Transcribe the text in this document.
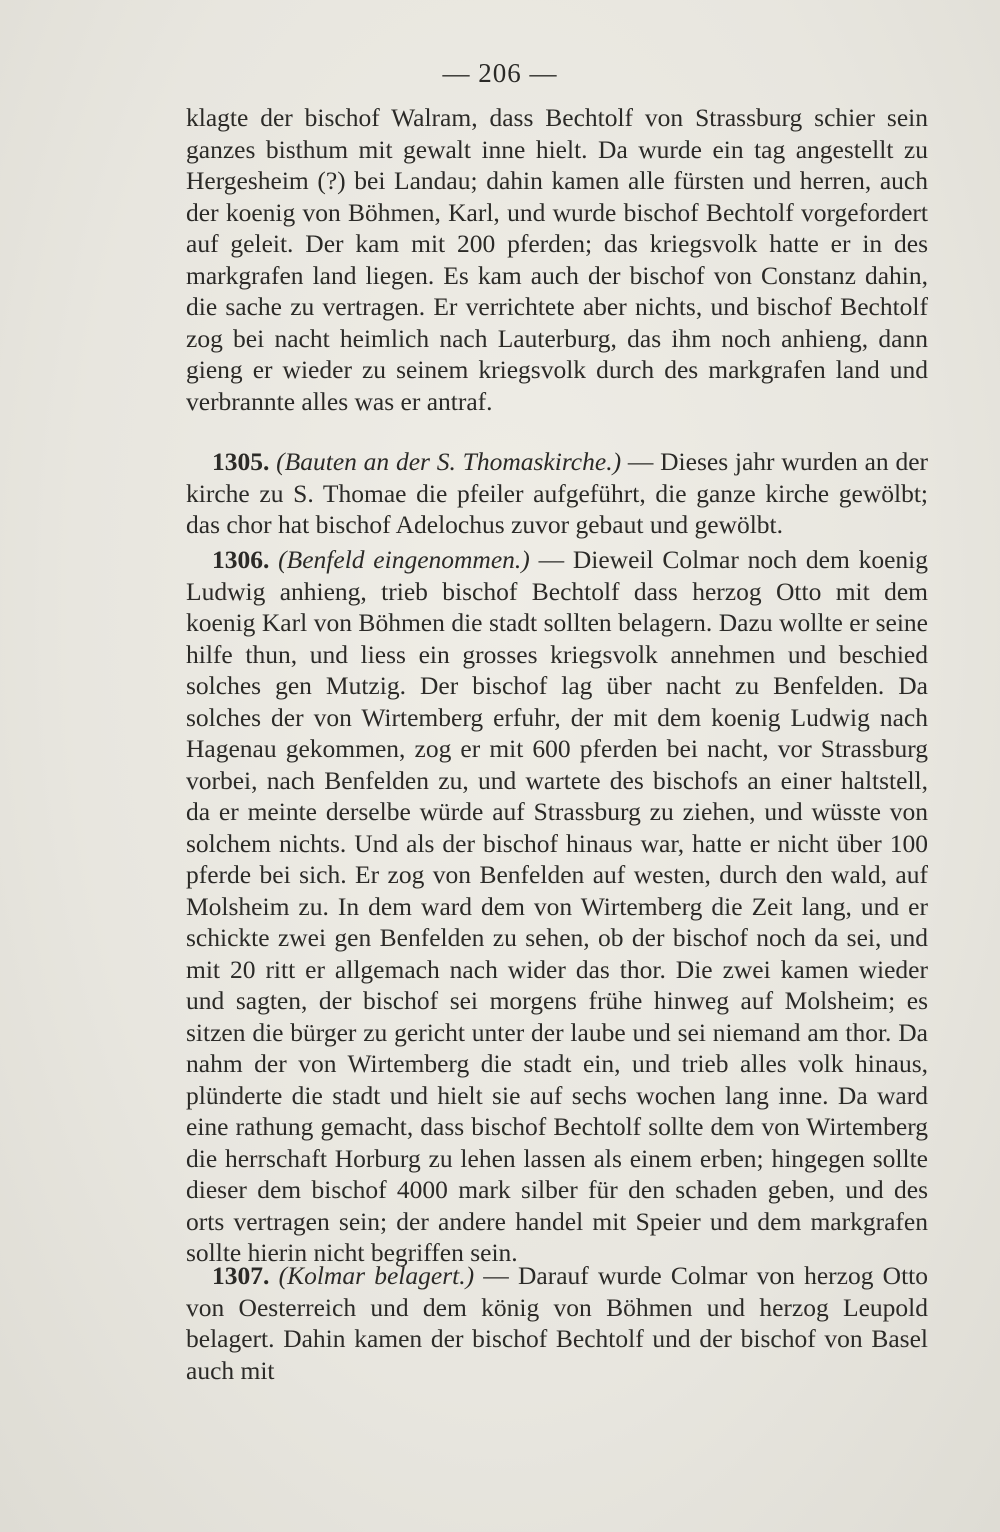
— 206 —

klagte der bischof Walram, dass Bechtolf von Strassburg schier sein ganzes bisthum mit gewalt inne hielt. Da wurde ein tag angestellt zu Hergesheim (?) bei Landau; dahin kamen alle fürsten und herren, auch der koenig von Böhmen, Karl, und wurde bischof Bechtolf vorgefordert auf geleit. Der kam mit 200 pferden; das kriegsvolk hatte er in des markgrafen land liegen. Es kam auch der bischof von Constanz dahin, die sache zu vertragen. Er verrichtete aber nichts, und bischof Bechtolf zog bei nacht heimlich nach Lauterburg, das ihm noch anhieng, dann gieng er wieder zu seinem kriegsvolk durch des markgrafen land und verbrannte alles was er antraf.

1305. (Bauten an der S. Thomaskirche.) — Dieses jahr wurden an der kirche zu S. Thomae die pfeiler aufgeführt, die ganze kirche gewölbt; das chor hat bischof Adelochus zuvor gebaut und gewölbt.

1306. (Benfeld eingenommen.) — Dieweil Colmar noch dem koenig Ludwig anhieng, trieb bischof Bechtolf dass herzog Otto mit dem koenig Karl von Böhmen die stadt sollten belagern. Dazu wollte er seine hilfe thun, und liess ein grosses kriegsvolk annehmen und beschied solches gen Mutzig. Der bischof lag über nacht zu Benfelden. Da solches der von Wirtemberg erfuhr, der mit dem koenig Ludwig nach Hagenau gekommen, zog er mit 600 pferden bei nacht, vor Strassburg vorbei, nach Benfelden zu, und wartete des bischofs an einer haltstell, da er meinte derselbe würde auf Strassburg zu ziehen, und wüsste von solchem nichts. Und als der bischof hinaus war, hatte er nicht über 100 pferde bei sich. Er zog von Benfelden auf westen, durch den wald, auf Molsheim zu. In dem ward dem von Wirtemberg die Zeit lang, und er schickte zwei gen Benfelden zu sehen, ob der bischof noch da sei, und mit 20 ritt er allgemach nach wider das thor. Die zwei kamen wieder und sagten, der bischof sei morgens frühe hinweg auf Molsheim; es sitzen die bürger zu gericht unter der laube und sei niemand am thor. Da nahm der von Wirtemberg die stadt ein, und trieb alles volk hinaus, plünderte die stadt und hielt sie auf sechs wochen lang inne. Da ward eine rathung gemacht, dass bischof Bechtolf sollte dem von Wirtemberg die herrschaft Horburg zu lehen lassen als einem erben; hingegen sollte dieser dem bischof 4000 mark silber für den schaden geben, und des orts vertragen sein; der andere handel mit Speier und dem markgrafen sollte hierin nicht begriffen sein.

1307. (Kolmar belagert.) — Darauf wurde Colmar von herzog Otto von Oesterreich und dem könig von Böhmen und herzog Leupold belagert. Dahin kamen der bischof Bechtolf und der bischof von Basel auch mit
